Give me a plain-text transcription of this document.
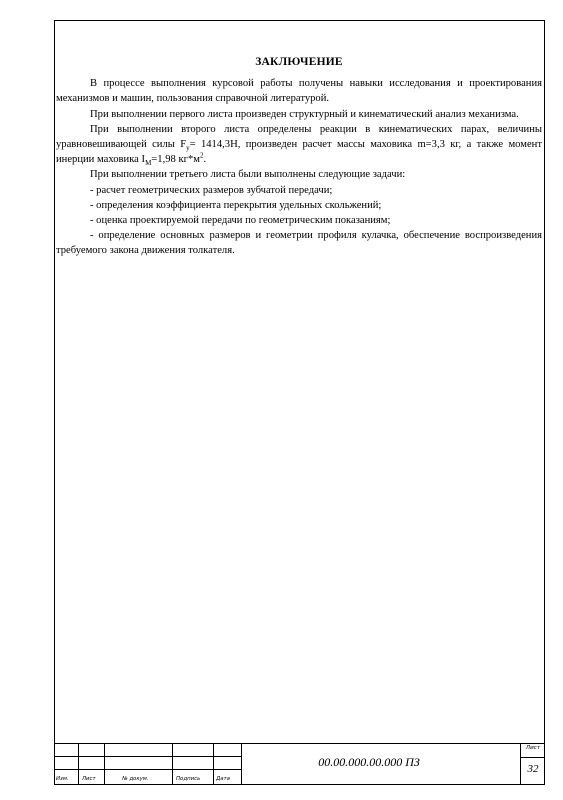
ЗАКЛЮЧЕНИЕ

В процессе выполнения курсовой работы получены навыки исследования и проектирования механизмов и машин, пользования справочной литературой.

При выполнении первого листа произведен структурный и кинематический анализ механизма.

При выполнении второго листа определены реакции в кинематических парах, величины уравновешивающей силы $F_у= 1414,3Н$, произведен расчет массы маховика m=3,3 кг, а также момент инерции маховика $I_М=1,98$ $кг*м^2$.

При выполнении третьего листа были выполнены следующие задачи:

- расчет геометрических размеров зубчатой передачи;

- определения коэффициента перекрытия удельных скольжений;

- оценка проектируемой передачи по геометрическим показаниям;

- определение основных размеров и геометрии профиля кулачка, обеспечение воспроизведения требуемого закона движения толкателя.

Изм. Лист	№ докум.	Подпись	Дата
00.00.000.00.000 ПЗ
Лист
32
